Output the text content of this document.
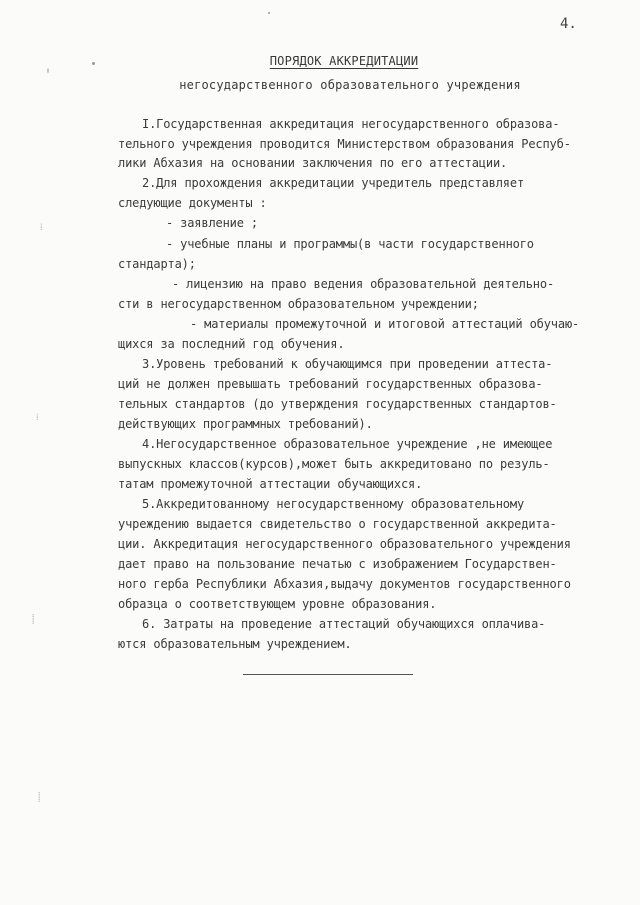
4.
ПОРЯДОК АККРЕДИТАЦИИ
негосударственного образовательного учреждения
I.Государственная аккредитация негосударственного образова-
тельного учреждения проводится Министерством образования Респуб-
лики Абхазия на основании заключения по его аттестации.
2.Для прохождения аккредитации учредитель представляет
следующие документы :
- заявление ;
- учебные планы и программы(в части государственного
стандарта);
- лицензию на право ведения образовательной деятельно-
сти в негосударственном образовательном учреждении;
- материалы промежуточной и итоговой аттестаций обучаю-
щихся за последний год обучения.
3.Уровень требований к обучающимся при проведении аттеста-
ций не должен превышать требований государственных образова-
тельных стандартов (до утверждения государственных стандартов-
действующих программных требований).
4.Негосударственное образовательное учреждение ,не имеющее
выпускных классов(курсов),может быть аккредитовано по резуль-
татам промежуточной аттестации обучающихся.
5.Аккредитованному негосударственному образовательному
учреждению выдается свидетельство о государственной аккредита-
ции. Аккредитация негосударственного образовательного учреждения
дает право на пользование печатью с изображением Государствен-
ного герба Республики Абхазия,выдачу документов государственного
образца о соответствующем уровне образования.
6. Затраты на проведение аттестаций обучающихся оплачива-
ются образовательным учреждением.
⁞
⁞
⸽
⸽
